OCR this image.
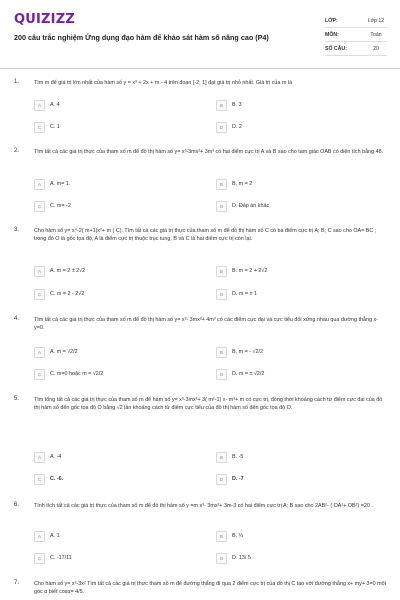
QUIZIZZ
200 câu trắc nghiệm Ứng dụng đạo hàm để khảo sát hàm số nâng cao (P4)
LỚP:	Lớp 12
MÔN:	Toán
SỐ CÂU:	20
1.	Tìm m để giá trị lớn nhất của hàm số y = x³ + 2x + m - 4 trên đoạn [-2; 1] đạt giá trị nhỏ nhất. Giá trị của m là
A	A. 4	B	B. 3
C	C. 1	D	D. 2
2.	Tìm tất cả các giá trị thực của tham số m để đồ thị hàm số y= x³-3mx²+ 3m³ có hai điểm cực trị A và B sao cho tam giác OAB có diện tích bằng 48.
A	A. m= 1.	B	B. m = 2
C	C. m= -2	D	D. Đáp án khác
3.	Cho hàm số y= x⁴-2( m+1)x²+ m ( C). Tìm tất cả các giá trị thực của tham số m để đồ thị hàm số C có ba điểm cực trị A; B; C sao cho OA= BC ; trong đó O là gốc tọa độ, A là điểm cực trị thuộc trục tung, B và C là hai điểm cực trị còn lại.
A	A. m = 2 ± 2√2	B	B. m = 2 + 2√2
C	C. m = 2 - 2√2	D	D. m = ± 1
4.	Tìm tất cả các giá trị thực của tham số m để đồ thị hàm số y= x³- 3mx²+ 4m³ có các điểm cực đại và cực tiểu đối xứng nhau qua đường thẳng x- y=0.
A	A. m = √2/2	B	B. m = - √2/2
C	C. m=0 hoặc m = √2/2	D	D. m = ± √2/2
5.	Tìm tổng tất cả các giá trị thực của tham số m để hàm số y= x³-3mx²+ 3( m²-1) x- m³+ m có cực trị, đồng thời khoảng cách từ điểm cực đại của đồ thị hàm số đến gốc tọa độ O bằng √2 lần khoảng cách từ điểm cực tiểu của đồ thị hàm số đến gốc tọa độ O.
A	A. -4	B	B. -5
C	C. -6.	D	D. -7
6.	Tính tích tất cả các giá trị thực của tham số m để đồ thị hàm số y =m x³- 3mx²+ 3m-3 có hai điểm cực trị A; B sao cho 2AB²- ( OA²+ OB²) =20 .
A	A. 1	B	B. ⅔
C	C. -17/11	D	D. 13/ 5
7.	Cho hàm số y= x³-3x² Tìm tất cả các giá trị thực tham số m để đường thẳng đi qua 2 điểm cực trị của đồ thị C tạo với đường thẳng x+ my+ 3=0 một góc α biết cosα= 4/5.
